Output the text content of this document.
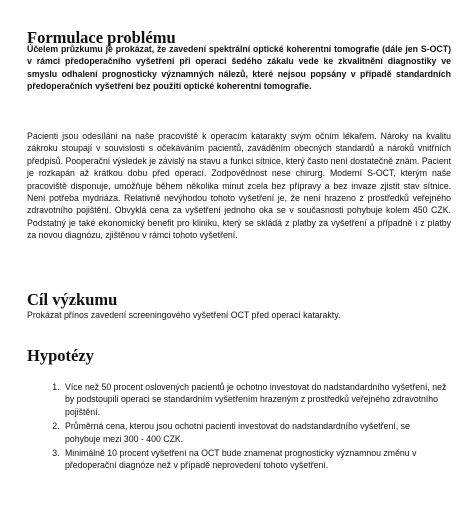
Formulace problému

Účelem průzkumu je prokázat, že zavedení spektrální optické koherentní tomografie (dále jen S-OCT) v rámci předoperačního vyšetření při operaci šedého zákalu vede ke zkvalitnění diagnostiky ve smyslu odhalení prognosticky významných nálezů, které nejsou popsány v případě standardních předoperačních vyšetření bez použití optické koherentní tomografie.

Pacienti jsou odesíláni na naše pracoviště k operacím katarakty svým očním lékařem. Nároky na kvalitu zákroku stoupají v souvislosti s očekáváním pacientů, zaváděním obecných standardů a nároků vnitřních předpisů. Pooperační výsledek je závislý na stavu a funkci sítnice, který často není dostatečně znám. Pacient je rozkapán až krátkou dobu před operací. Zodpovědnost nese chirurg. Moderní S-OCT, kterým naše pracoviště disponuje, umožňuje během několika minut zcela bez přípravy a bez invaze zjistit stav sítnice. Není potřeba mydriáza. Relativně nevýhodou tohoto vyšetření je, že není hrazeno z prostředků veřejného zdravotního pojištění. Obvyklá cena za vyšetření jednoho oka se v současnosti pohybuje kolem 450 CZK. Podstatný je také ekonomický benefit pro kliniku, který se skládá z platby za vyšetření a případně i z platby za novou diagnózu, zjištěnou v rámci tohoto vyšetření.

Cíl výzkumu

Prokázat přínos zavedení screeningového vyšetření OCT před operací katarakty.

Hypotézy
1. Více než 50 procent oslovených pacientů je ochotno investovat do nadstandardního vyšetření, než by podstoupili operaci se standardním vyšetřením hrazeným z prostředků veřejného zdravotního pojištění.
2. Průměrná cena, kterou jsou ochotni pacienti investovat do nadstandardního vyšetření, se pohybuje mezi 300 - 400 CZK.
3. Minimálně 10 procent vyšetření na OCT bude znamenat prognosticky významnou změnu v předoperační diagnóze než v případě neprovedení tohoto vyšetření.
